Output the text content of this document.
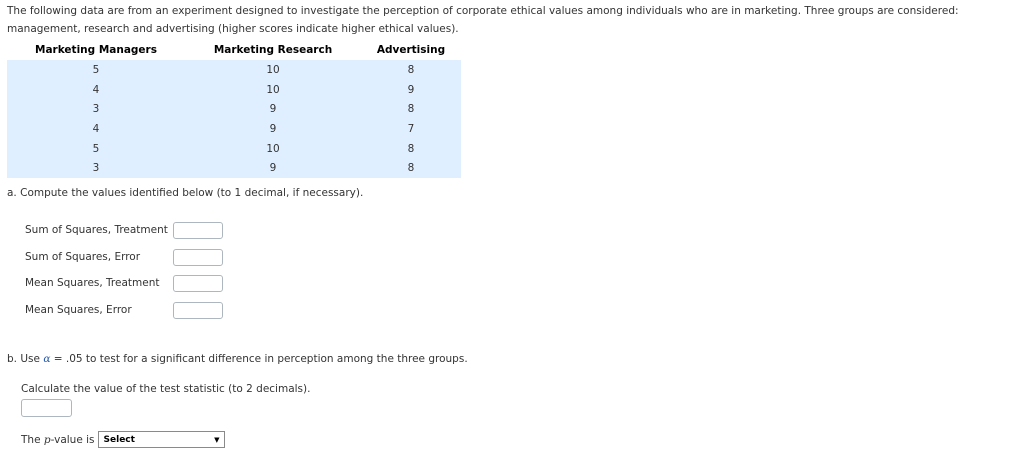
The following data are from an experiment designed to investigate the perception of corporate ethical values among individuals who are in marketing. Three groups are considered: management, research and advertising (higher scores indicate higher ethical values).

Marketing Managers	Marketing Research	Advertising
5	10	8
4	10	9
3	9	8
4	9	7
5	10	8
3	9	8

a. Compute the values identified below (to 1 decimal, if necessary).

Sum of Squares, Treatment
Sum of Squares, Error
Mean Squares, Treatment
Mean Squares, Error

b. Use α = .05 to test for a significant difference in perception among the three groups.

Calculate the value of the test statistic (to 2 decimals).

The
p -value is Select	▼
